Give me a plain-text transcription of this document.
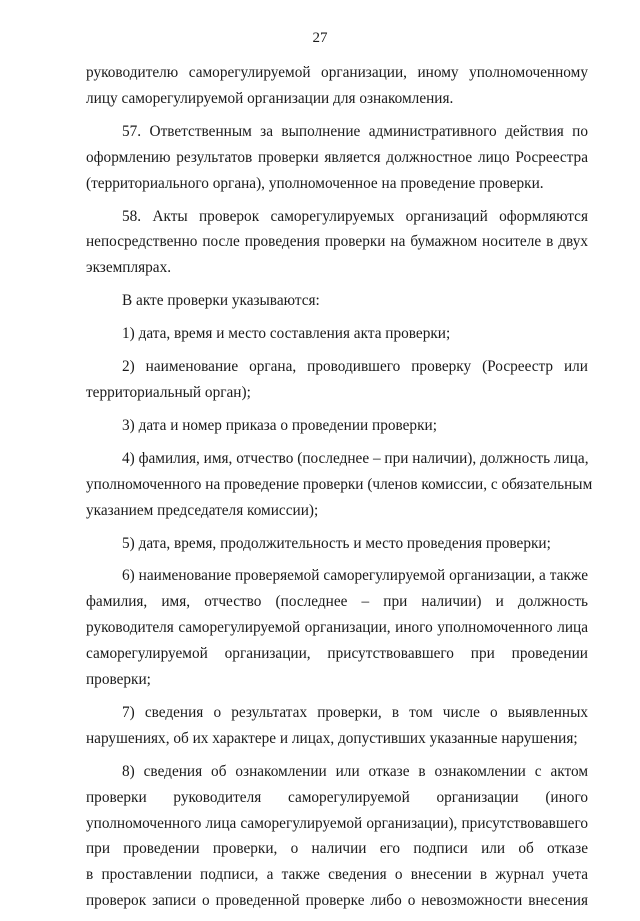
27

руководителю саморегулируемой организации, иному уполномоченному
лицу саморегулируемой организации для ознакомления.

57. Ответственным за выполнение административного действия по
оформлению результатов проверки является должностное лицо Росреестра
(территориального органа), уполномоченное на проведение проверки.

58. Акты проверок саморегулируемых организаций оформляются
непосредственно после проведения проверки на бумажном носителе в двух
экземплярах.

В акте проверки указываются:

1) дата, время и место составления акта проверки;

2) наименование органа, проводившего проверку (Росреестр или
территориальный орган);

3) дата и номер приказа о проведении проверки;

4) фамилия, имя, отчество (последнее – при наличии), должность лица,
уполномоченного на проведение проверки (членов комиссии, с обязательным
указанием председателя комиссии);

5) дата, время, продолжительность и место проведения проверки;

6) наименование проверяемой саморегулируемой организации, а также
фамилия, имя, отчество (последнее – при наличии) и должность
руководителя саморегулируемой организации, иного уполномоченного лица
саморегулируемой организации, присутствовавшего при проведении
проверки;

7) сведения о результатах проверки, в том числе о выявленных
нарушениях, об их характере и лицах, допустивших указанные нарушения;

8) сведения об ознакомлении или отказе в ознакомлении с актом
проверки руководителя саморегулируемой организации (иного
уполномоченного лица саморегулируемой организации), присутствовавшего
при проведении проверки, о наличии его подписи или об отказе
в проставлении подписи, а также сведения о внесении в журнал учета
проверок записи о проведенной проверке либо о невозможности внесения
